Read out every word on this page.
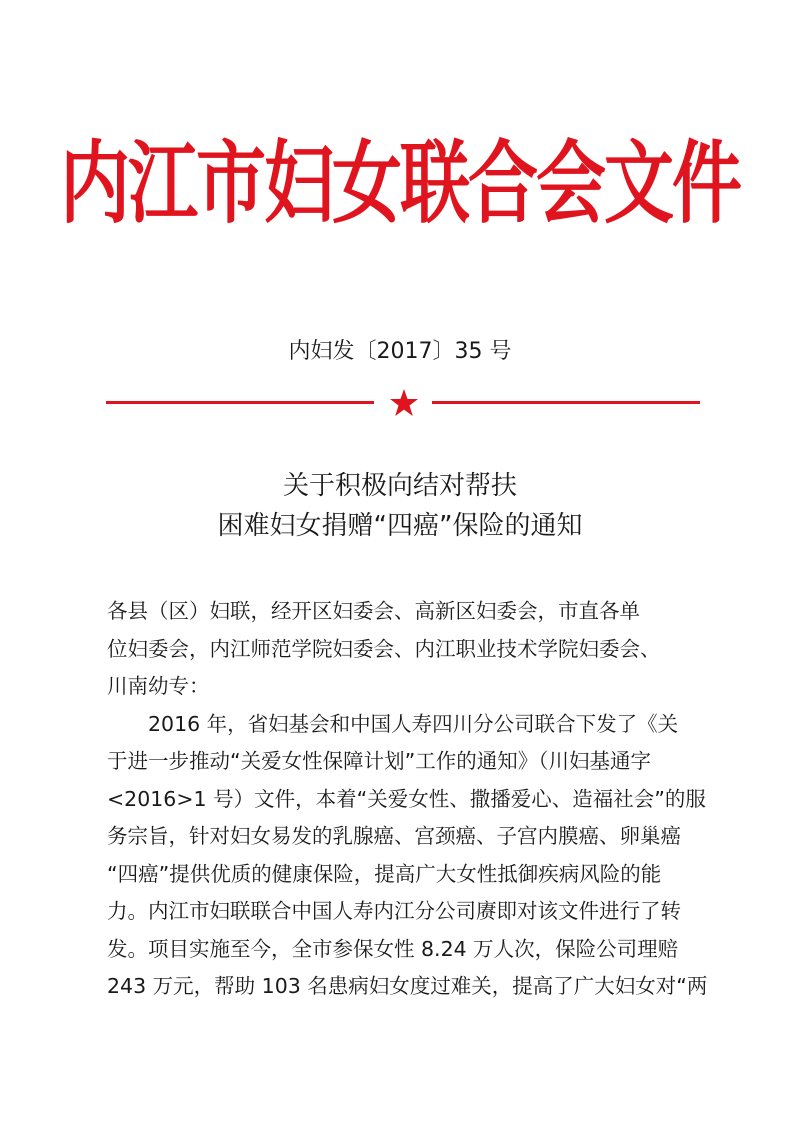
内江市妇女联合会文件
内妇发〔2017〕35 号
关于积极向结对帮扶
困难妇女捐赠“四癌”保险的通知
各县（区）妇联，经开区妇委会、高新区妇委会，市直各单
位妇委会，内江师范学院妇委会、内江职业技术学院妇委会、
川南幼专：
2016 年，省妇基会和中国人寿四川分公司联合下发了《关
于进一步推动“关爱女性保障计划”工作的通知》（川妇基通字
<2016>1 号）文件，本着“关爱女性、撒播爱心、造福社会”的服
务宗旨，针对妇女易发的乳腺癌、宫颈癌、子宫内膜癌、卵巢癌
“四癌”提供优质的健康保险，提高广大女性抵御疾病风险的能
力。内江市妇联联合中国人寿内江分公司赓即对该文件进行了转
发。项目实施至今，全市参保女性 8.24 万人次，保险公司理赔
243 万元，帮助 103 名患病妇女度过难关，提高了广大妇女对“两
